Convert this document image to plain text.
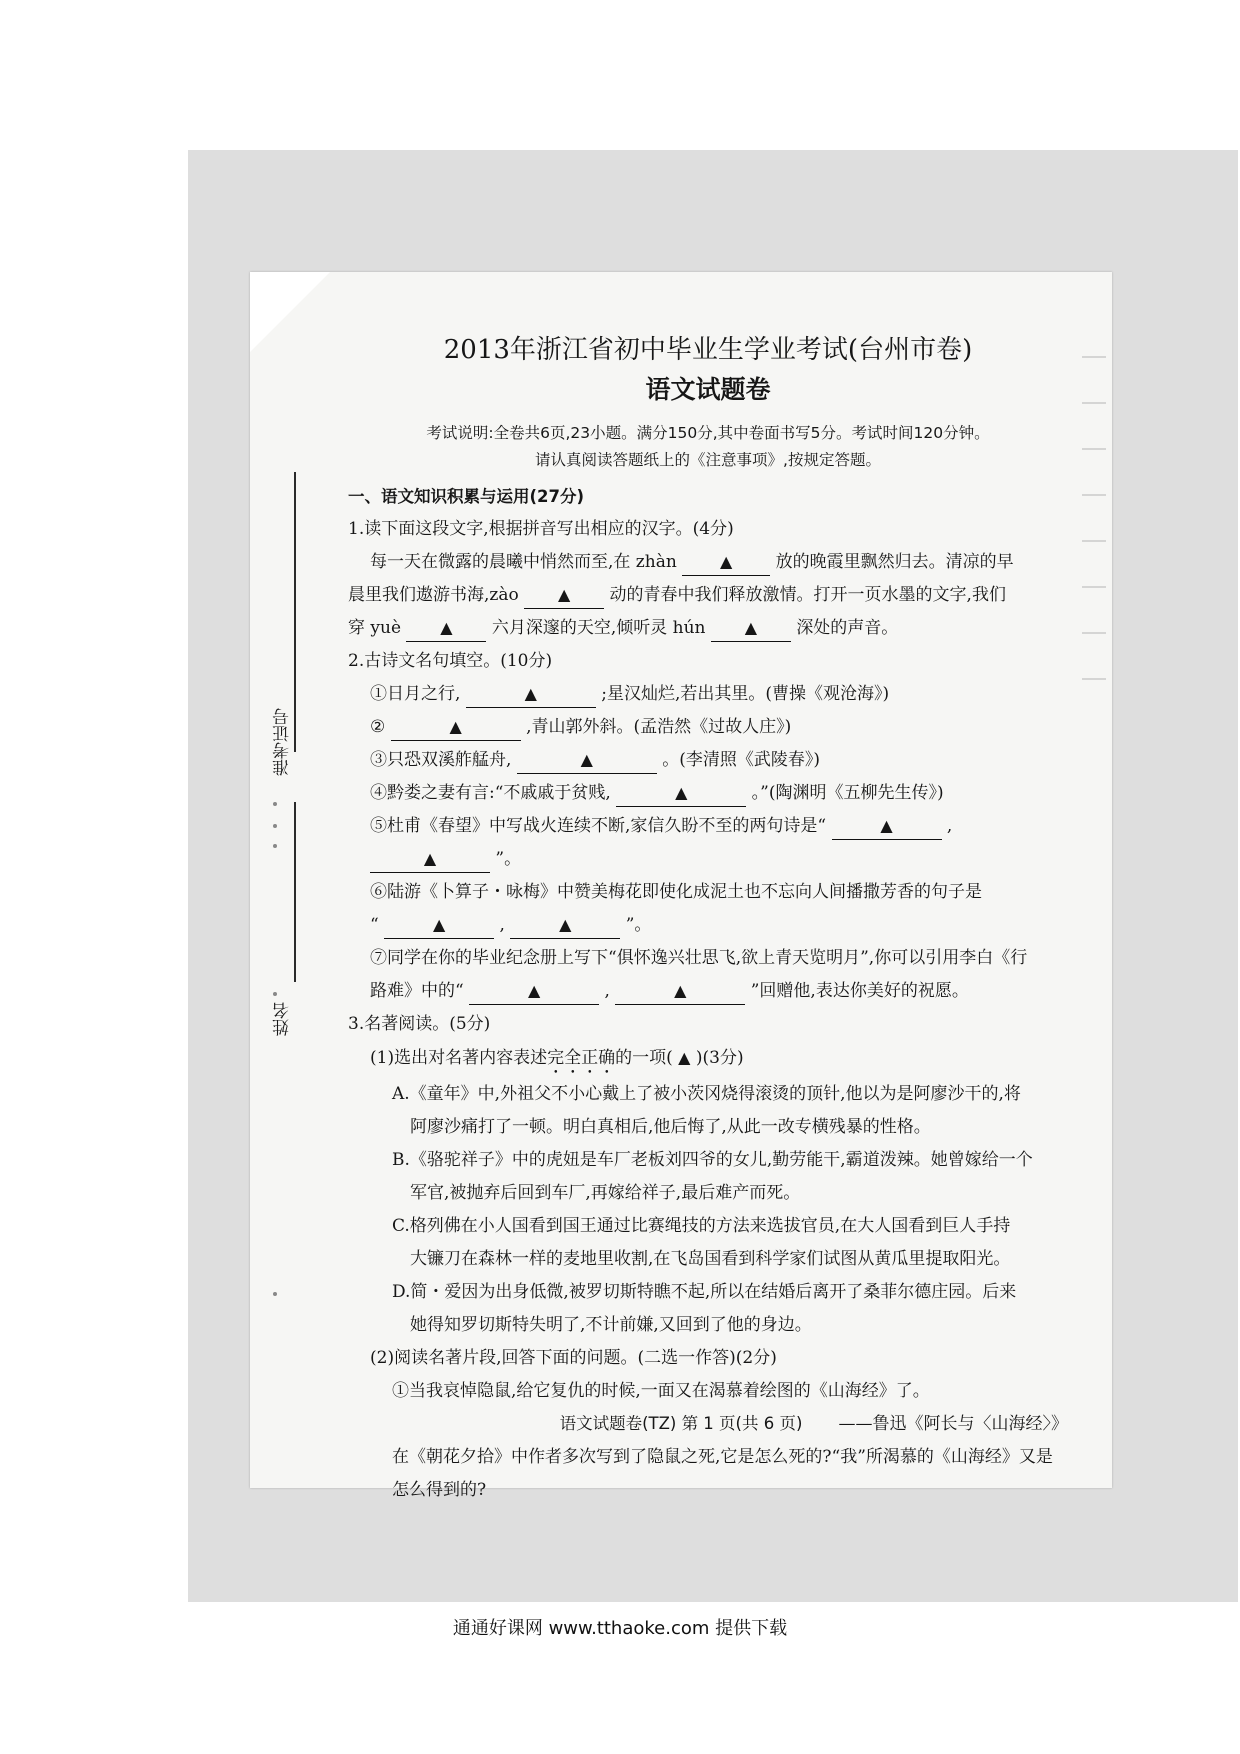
准考证号
姓名
2013年浙江省初中毕业生学业考试(台州市卷)
语文试题卷
考试说明:全卷共6页,23小题。满分150分,其中卷面书写5分。考试时间120分钟。
请认真阅读答题纸上的《注意事项》,按规定答题。
一、语文知识积累与运用(27分)
1.读下面这段文字,根据拼音写出相应的汉字。(4分)
每一天在微露的晨曦中悄然而至,在 zhàn	▲	放的晚霞里飘然归去。清凉的早
晨里我们遨游书海,zào ▲ 动的青春中我们释放激情。打开一页水墨的文字,我们
穿 yuè ▲ 六月深邃的天空,倾听灵 hún ▲ 深处的声音。
2.古诗文名句填空。(10分)
①日月之行,	▲	;星汉灿烂,若出其里。(曹操《观沧海》)
②	▲	,青山郭外斜。(孟浩然《过故人庄》)
③只恐双溪舴艋舟,	▲	。(李清照《武陵春》)
④黔娄之妻有言:“不戚戚于贫贱,	▲	。”(陶渊明《五柳先生传》)
⑤杜甫《春望》中写战火连续不断,家信久盼不至的两句诗是“	▲	,
▲	”。
⑥陆游《卜算子・咏梅》中赞美梅花即使化成泥土也不忘向人间播撒芳香的句子是
“	▲	,	▲	”。
⑦同学在你的毕业纪念册上写下“俱怀逸兴壮思飞,欲上青天览明月”,你可以引用李白《行
路难》中的“	▲	,	▲	”回赠他,表达你美好的祝愿。
3.名著阅读。(5分)
(1)选出对名著内容表述完全正确的一项( ▲ )(3分)
A.《童年》中,外祖父不小心戴上了被小茨冈烧得滚烫的顶针,他以为是阿廖沙干的,将
阿廖沙痛打了一顿。明白真相后,他后悔了,从此一改专横残暴的性格。
B.《骆驼祥子》中的虎妞是车厂老板刘四爷的女儿,勤劳能干,霸道泼辣。她曾嫁给一个
军官,被抛弃后回到车厂,再嫁给祥子,最后难产而死。
C.格列佛在小人国看到国王通过比赛绳技的方法来选拔官员,在大人国看到巨人手持
大镰刀在森林一样的麦地里收割,在飞岛国看到科学家们试图从黄瓜里提取阳光。
D.简・爱因为出身低微,被罗切斯特瞧不起,所以在结婚后离开了桑菲尔德庄园。后来
她得知罗切斯特失明了,不计前嫌,又回到了他的身边。
(2)阅读名著片段,回答下面的问题。(二选一作答)(2分)
①当我哀悼隐鼠,给它复仇的时候,一面又在渴慕着绘图的《山海经》了。
——鲁迅《阿长与〈山海经〉》
在《朝花夕拾》中作者多次写到了隐鼠之死,它是怎么死的?“我”所渴慕的《山海经》又是
怎么得到的?
语文试题卷(TZ) 第 1 页(共 6 页)
通通好课网 www.tthaoke.com 提供下载
